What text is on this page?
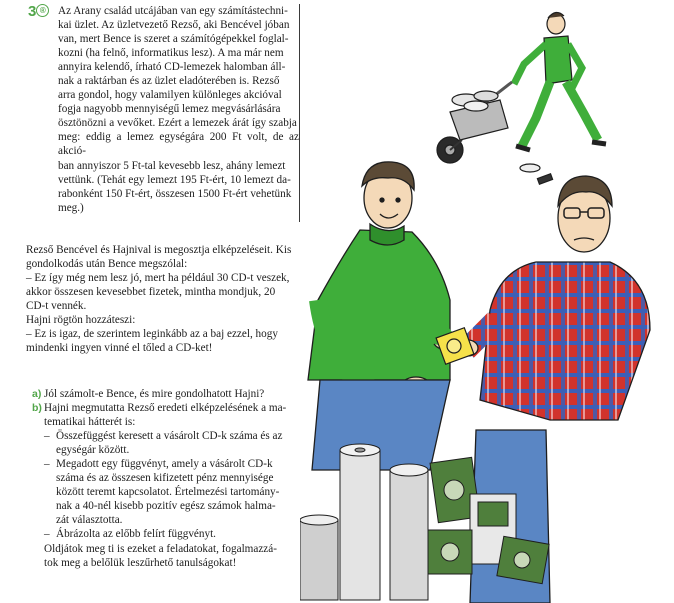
3 ®	Az Arany család utcájában van egy számítástechni-
kai üzlet. Az üzletvezető Rezső, aki Bencével jóban
van, mert Bence is szeret a számítógépekkel foglal-
kozni (ha felnő, informatikus lesz). A ma már nem
annyira kelendő, írható CD-lemezek halomban áll-
nak a raktárban és az üzlet eladóterében is. Rezső
arra gondol, hogy valamilyen különleges akcióval
fogja nagyobb mennyiségű lemez megvásárlására
ösztönözni a vevőket. Ezért a lemezek árát így szabja
meg: eddig a lemez egységára 200 Ft volt, de az akció-
ban annyiszor 5 Ft-tal kevesebb lesz, ahány lemezt
vettünk. (Tehát egy lemezt 195 Ft-ért, 10 lemezt da-
rabonként 150 Ft-ért, összesen 1500 Ft-ért vehetünk
meg.)
Rezső Bencével és Hajnival is megosztja elképzeléseit. Kis
gondolkodás után Bence megszólal:
– Ez így még nem lesz jó, mert ha például 30 CD-t veszek,
akkor összesen kevesebbet fizetek, mintha mondjuk, 20
CD-t vennék.
Hajni rögtön hozzáteszi:
– Ez is igaz, de szerintem leginkább az a baj ezzel, hogy
mindenki ingyen vinné el tőled a CD-ket!

a) Jól számolt-e Bence, és mire gondolhatott Hajni?

b) Hajni megmutatta Rezső eredeti elképzelésének a ma-
tematikai hátterét is:
– Összefüggést keresett a vásárolt CD-k száma és az
egységár között.
– Megadott egy függvényt, amely a vásárolt CD-k
száma és az összesen kifizetett pénz mennyisége
között teremt kapcsolatot. Értelmezési tartomány-
nak a 40-nél kisebb pozitív egész számok halma-
zát választotta.
– Ábrázolta az előbb felírt függvényt.
Oldjátok meg ti is ezeket a feladatokat, fogalmazzá-
tok meg a belőlük leszűrhető tanulságokat!
